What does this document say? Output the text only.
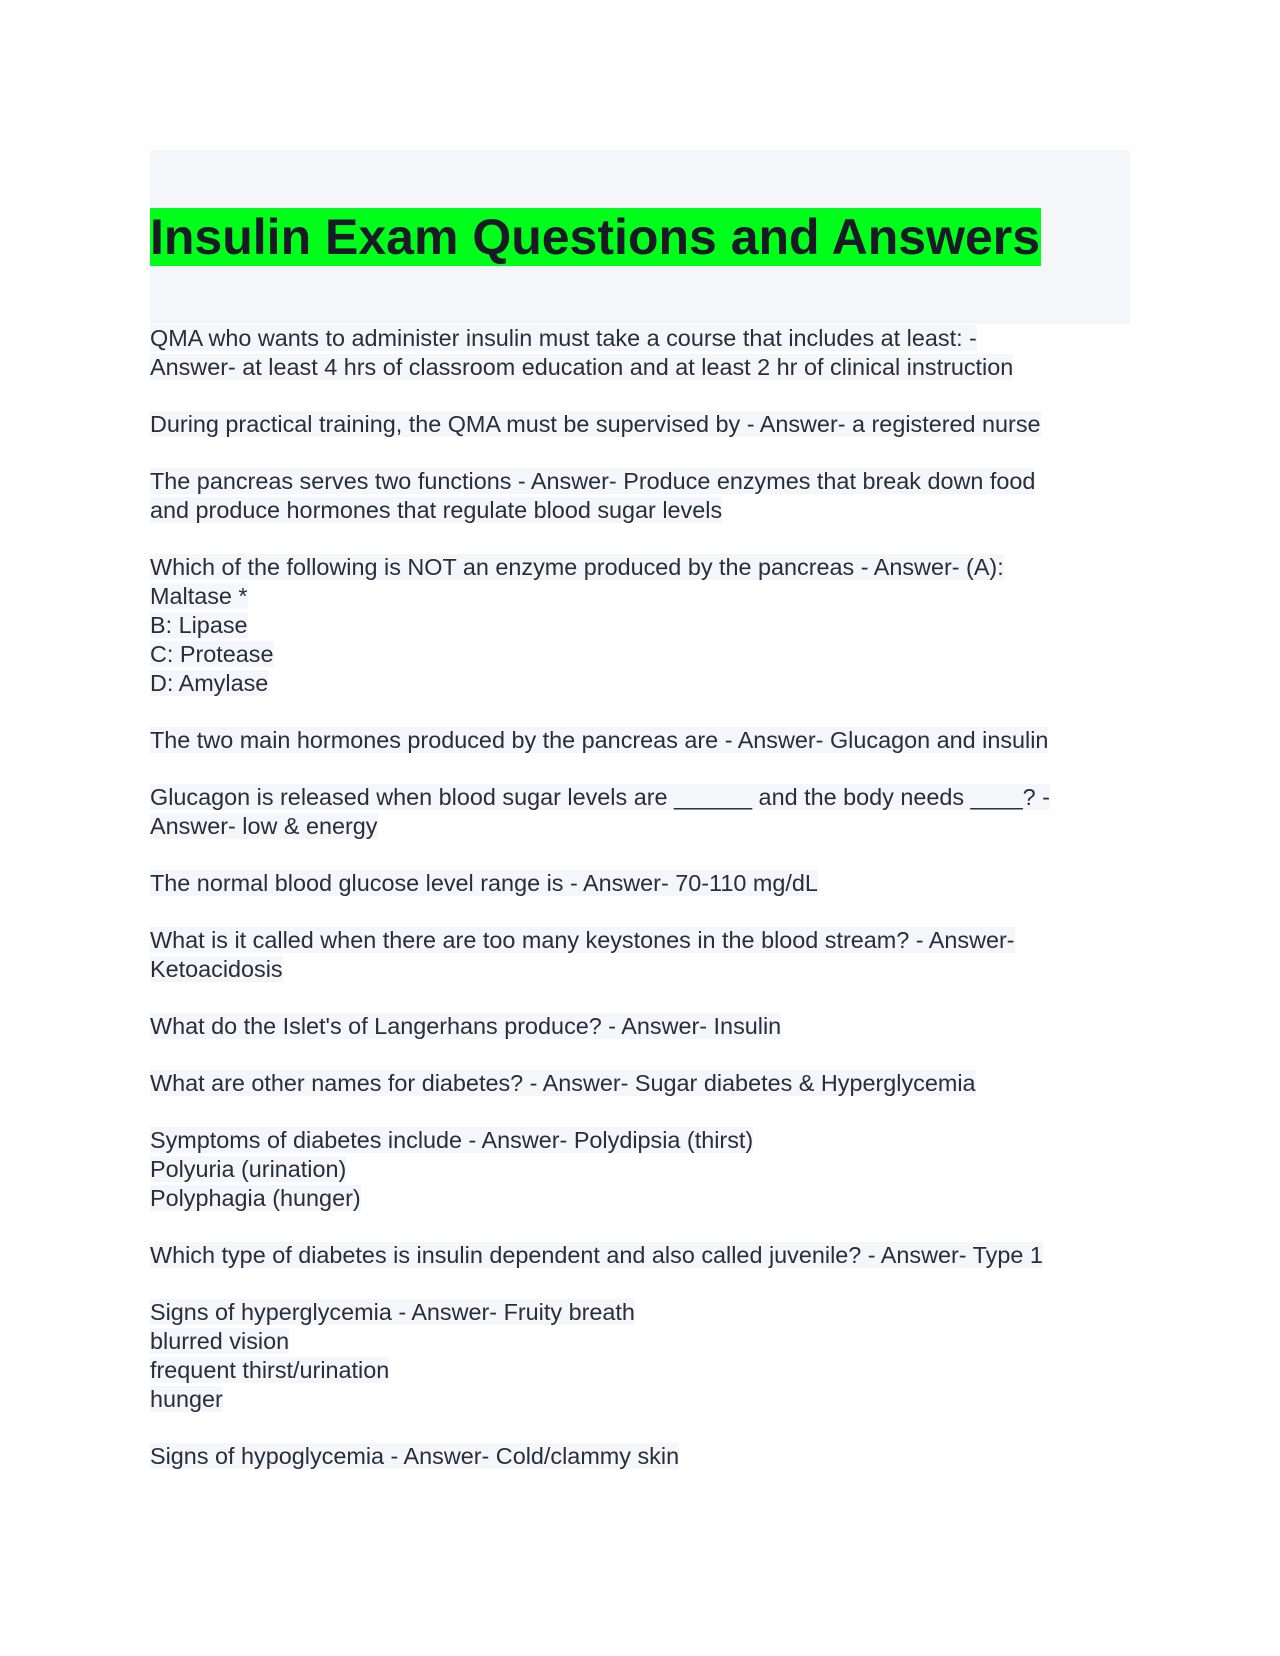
Insulin Exam Questions and Answers
QMA who wants to administer insulin must take a course that includes at least: -
Answer- at least 4 hrs of classroom education and at least 2 hr of clinical instruction
During practical training, the QMA must be supervised by - Answer- a registered nurse
The pancreas serves two functions - Answer- Produce enzymes that break down food
and produce hormones that regulate blood sugar levels
Which of the following is NOT an enzyme produced by the pancreas - Answer- (A):
Maltase *
B: Lipase
C: Protease
D: Amylase
The two main hormones produced by the pancreas are - Answer- Glucagon and insulin
Glucagon is released when blood sugar levels are ______ and the body needs ____? -
Answer- low & energy
The normal blood glucose level range is - Answer- 70-110 mg/dL
What is it called when there are too many keystones in the blood stream? - Answer-
Ketoacidosis
What do the Islet's of Langerhans produce? - Answer- Insulin
What are other names for diabetes? - Answer- Sugar diabetes & Hyperglycemia
Symptoms of diabetes include - Answer- Polydipsia (thirst)
Polyuria (urination)
Polyphagia (hunger)
Which type of diabetes is insulin dependent and also called juvenile? - Answer- Type 1
Signs of hyperglycemia - Answer- Fruity breath
blurred vision
frequent thirst/urination
hunger
Signs of hypoglycemia - Answer- Cold/clammy skin
